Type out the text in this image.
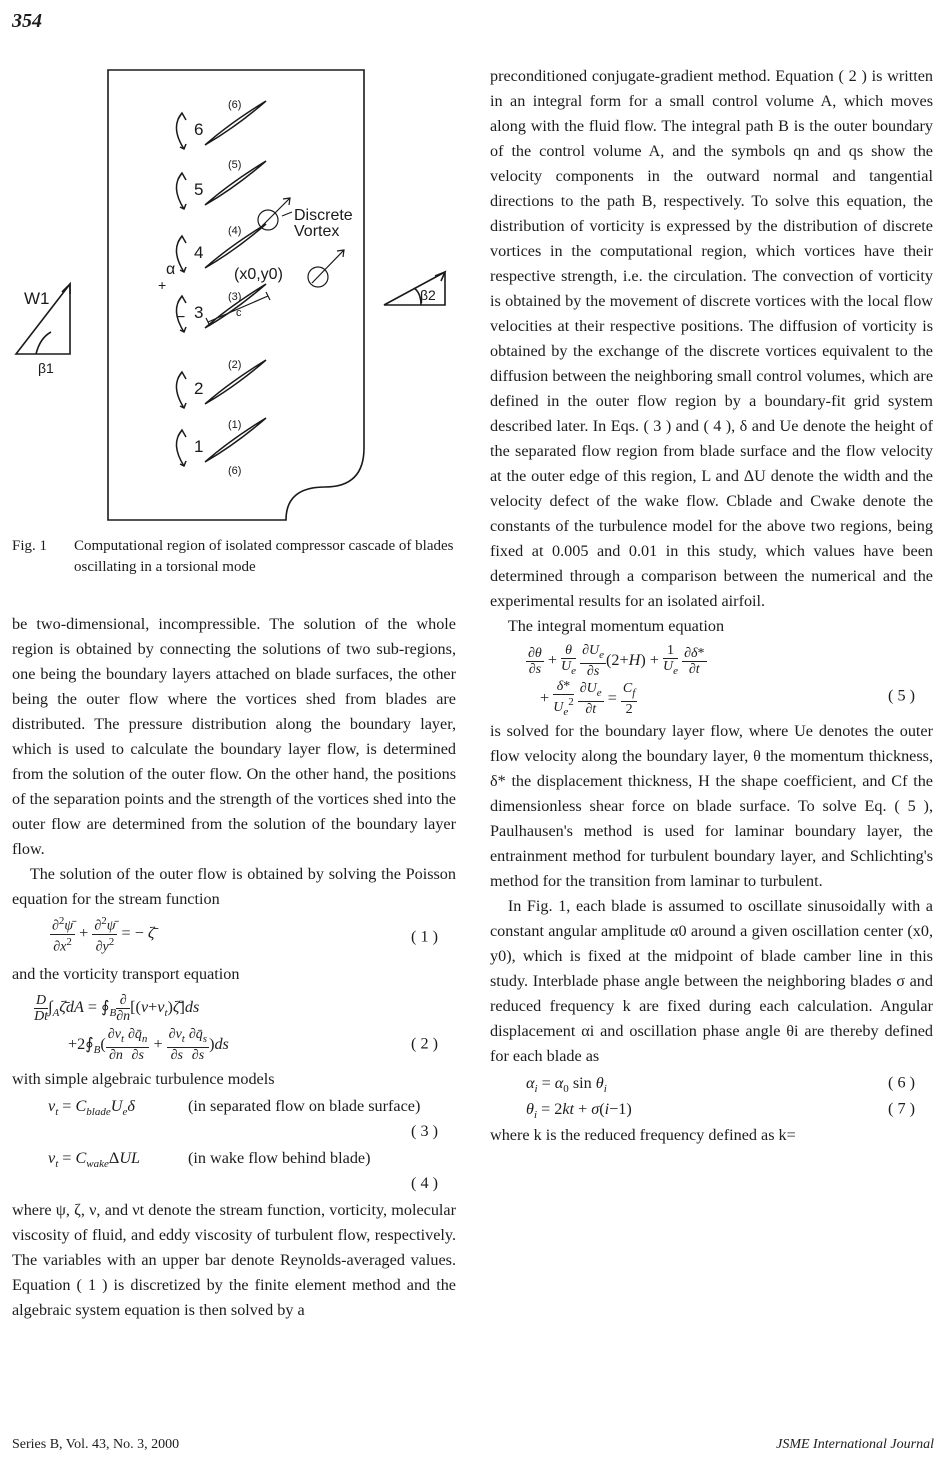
354
W1
β1
β2
α
+
−
(x0,y0)
c
Discrete
Vortex
1
2
3
4
5
6
(6)
(1)
(2)
(3)
(4)
(5)
(6)
Fig. 1 Computational region of isolated compressor cascade of blades oscillating in a torsional mode

be two-dimensional, incompressible. The solution of the whole region is obtained by connecting the solutions of two sub-regions, one being the boundary layers attached on blade surfaces, the other being the outer flow where the vortices shed from blades are distributed. The pressure distribution along the boundary layer, which is used to calculate the boundary layer flow, is determined from the solution of the outer flow. On the other hand, the positions of the separation points and the strength of the vortices shed into the outer flow are determined from the solution of the boundary layer flow.

The solution of the outer flow is obtained by solving the Poisson equation for the stream function

$\frac{\partial^2\psī}{\partial x^2} + \frac{\partial^2\psī}{\partial y^2}$ = − ζ̄	( 1 )

and the vorticity transport equation

$\frac{D}{Dt}$ $\int_A\zetādA$ = $∮_B \frac{\partial}{\partial n}$ $[(\nu+\nu_t)\zetā]ds$
$+2∮_B( \frac{\partial\nu_t}{\partial n} \frac{\partial q̄_n}{\partial s} + \frac{\partial\nu_t}{\partial s} \frac{\partial q̄_s}{\partial s} )ds$	( 2 )

with simple algebraic turbulence models

$\nu_t = C_{blade}U_e\delta$	(in separated flow on blade surface)
( 3 )
$\nu_t = C_{wake}\Delta UL$	(in wake flow behind blade)
( 4 )

where ψ, ζ, ν, and νt denote the stream function, vorticity, molecular viscosity of fluid, and eddy viscosity of turbulent flow, respectively. The variables with an upper bar denote Reynolds-averaged values. Equation ( 1 ) is discretized by the finite element method and the algebraic system equation is then solved by a

preconditioned conjugate-gradient method. Equation ( 2 ) is written in an integral form for a small control volume A, which moves along with the fluid flow. The integral path B is the outer boundary of the control volume A, and the symbols qn and qs show the velocity components in the outward normal and tangential directions to the path B, respectively. To solve this equation, the distribution of vorticity is expressed by the distribution of discrete vortices in the computational region, which vortices have their respective strength, i.e. the circulation. The convection of vorticity is obtained by the movement of discrete vortices with the local flow velocities at their respective positions. The diffusion of vorticity is obtained by the exchange of the discrete vortices equivalent to the diffusion between the neighboring small control volumes, which are defined in the outer flow region by a boundary-fit grid system described later. In Eqs. ( 3 ) and ( 4 ), δ and Ue denote the height of the separated flow region from blade surface and the flow velocity at the outer edge of this region, L and ΔU denote the width and the velocity defect of the wake flow. Cblade and Cwake denote the constants of the turbulence model for the above two regions, being fixed at 0.005 and 0.01 in this study, which values have been determined through a comparison between the numerical and the experimental results for an isolated airfoil.

The integral momentum equation

$\frac{\partial\theta}{\partial s} + \frac{\theta}{U_e}$
$\frac{\partial U_e}{\partial s} (2+H) + \frac{1}{U_e}$
$\frac{\partial\delta*}{\partial t}$
+ $\frac{\delta*}{U_e^2}$
$\frac{\partial U_e}{\partial t} = \frac{C_f}{2}$	( 5 )

is solved for the boundary layer flow, where Ue denotes the outer flow velocity along the boundary layer, θ the momentum thickness, δ* the displacement thickness, H the shape coefficient, and Cf the dimensionless shear force on blade surface. To solve Eq. ( 5 ), Paulhausen's method is used for laminar boundary layer, the entrainment method for turbulent boundary layer, and Schlichting's method for the transition from laminar to turbulent.

In Fig. 1, each blade is assumed to oscillate sinusoidally with a constant angular amplitude α0 around a given oscillation center (x0, y0), which is fixed at the midpoint of blade camber line in this study. Interblade phase angle between the neighboring blades σ and reduced frequency k are fixed during each calculation. Angular displacement αi and oscillation phase angle θi are thereby defined for each blade as

$\alpha_i = \alpha_0$ $\sin \theta_i$	( 6 )
$\theta_i = 2kt + \sigma(i-1)$	( 7 )

where k is the reduced frequency defined as k=

Series B, Vol. 43, No. 3, 2000	JSME International Journal
